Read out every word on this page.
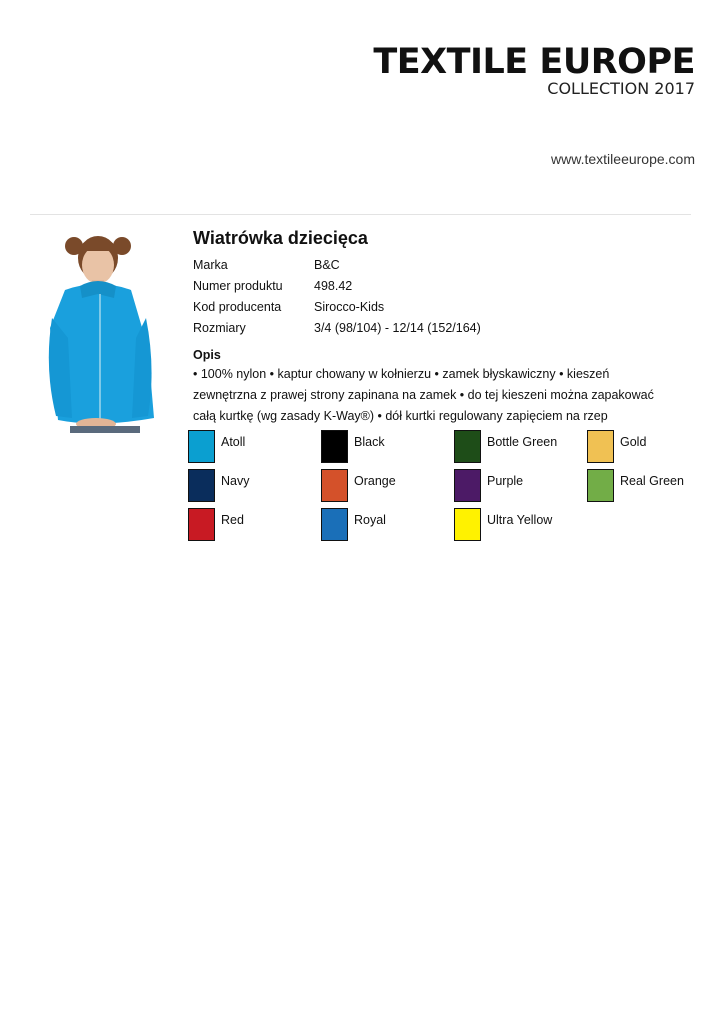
TEXTILE EUROPE
COLLECTION 2017
www.textileeurope.com
Wiatrówka dziecięca
Marka	B&C
Numer produktu	498.42
Kod producenta	Sirocco-Kids
Rozmiary	3/4 (98/104) - 12/14 (152/164)
Opis
• 100% nylon • kaptur chowany w kołnierzu • zamek błyskawiczny • kieszeń zewnętrzna z prawej strony zapinana na zamek • do tej kieszeni można zapakować całą kurtkę (wg zasady K-Way®) • dół kurtki regulowany zapięciem na rzep
Atoll	Black	Bottle Green	Gold
Navy	Orange	Purple	Real Green
Red	Royal	Ultra Yellow
